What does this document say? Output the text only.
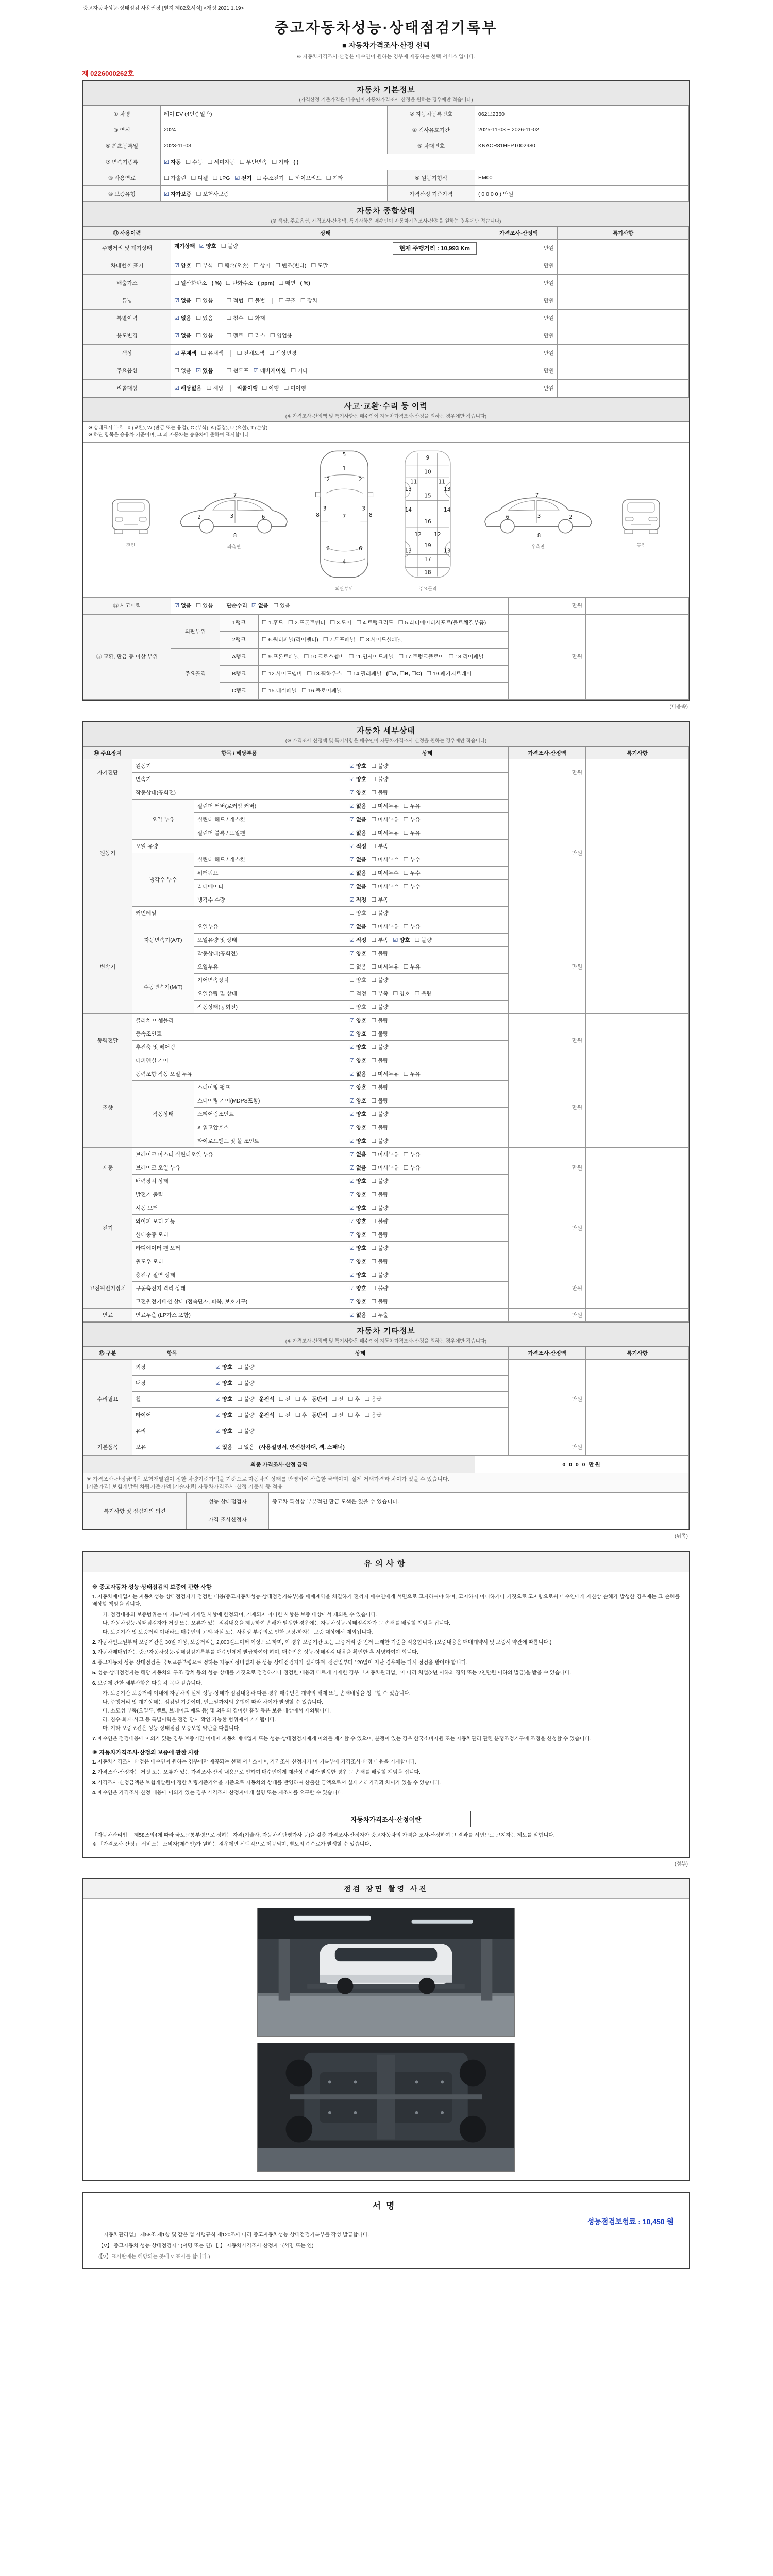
중고자동차성능·상태점검 사용권장 [별지 제82호서식] <개정 2021.1.19>
중고자동차성능·상태점검기록부
■ 자동차가격조사·산정 선택
※ 자동차가격조사·산정은 매수인이 원하는 경우에 제공하는 선택 서비스 입니다.
제 0226000262호
자동차 기본정보
(가격산정 기준가격은 매수인이 자동차가격조사·산정을 원하는 경우에만 적습니다)
① 차명	레이 EV (4인승일반)	② 자동차등록번호	062모2360
③ 연식	2024	④ 검사유효기간	2025-11-03 ~ 2026-11-02
⑤ 최초등록일	2023-11-03	⑥ 차대번호	KNACR81HFPT002980
⑦ 변속기종류	☑ 자동 ☐ 수동 ☐ 세미자동 ☐ 무단변속 ☐ 기타 ( )		
⑧ 사용연료	☐ 가솔린 ☐ 디젤 ☐ LPG ☑ 전기 ☐ 수소전기 ☐ 하이브리드 ☐ 기타	⑨ 원동기형식	EM00
⑩ 보증유형	☑ 자가보증 ☐ 보험사보증	가격산정 기준가격	( 0 0 0 0 ) 만원
자동차 종합상태
(※ 색상, 주요옵션, 가격조사·산정액, 특기사항은 매수인이 자동차가격조사·산정을 원하는 경우에만 적습니다)
⑪ 사용이력	상태	가격조사·산정액	특기사항
주행거리 및 계기상태	계기상태 ☑ 양호 ☐ 불량 현재 주행거리 : 10,993 Km	만원	
차대번호 표기	☑ 양호 ☐ 부식 ☐ 훼손(오손) ☐ 상이 ☐ 변조(변타) ☐ 도말	만원	
배출가스	☐ 일산화탄소 ( %) ☐ 탄화수소 ( ppm) ☐ 매연 ( %)	만원	
튜닝	☑ 없음 ☐ 있음 ☐ 적법 ☐ 불법 ☐ 구조 ☐ 장치	만원	
특별이력	☑ 없음 ☐ 있음 ☐ 침수 ☐ 화재	만원	
용도변경	☑ 없음 ☐ 있음 ☐ 렌트 ☐ 리스 ☐ 영업용	만원	
색상	☑ 무채색 ☐ 유채색 ☐ 전체도색 ☐ 색상변경	만원	
주요옵션	☐ 없음 ☑ 있음 ☐ 썬루프 ☑ 네비게이션 ☐ 기타	만원	
리콜대상	☑ 해당없음 ☐ 해당 리콜이행 ☐ 이행 ☐ 미이행	만원	
사고·교환·수리 등 이력
(※ 가격조사·산정액 및 특기사항은 매수인이 자동차가격조사·산정을 원하는 경우에만 적습니다)
※ 상태표시 부호 : X (교환), W (판금 또는 용접), C (부식), A (흠집), U (요철), T (손상)
※ 하단 항목은 승용차 기준이며, 그 외 자동차는 승용차에 준하여 표시합니다.
전면
7
2	3	6
8
좌측면
5
1
2	2
3	3
8	8
7
6	6
4
외판부위
9
10
11	11
13	13
15
14	14
16
12 12
19
13	13
17
18
주요골격
7
6	3	2
8
우측면	후면
⑫ 사고이력	☑ 없음 ☐ 있음 단순수리 ☑ 없음 ☐ 있음			만원	
⑬ 교환, 판금 등 이상 부위	외판부위	1랭크	☐ 1.후드 ☐ 2.프론트펜더 ☐ 3.도어 ☐ 4.트렁크리드 ☐ 5.라디에이터서포트(볼트체결부품)	만원	
		2랭크	☐ 6.쿼터패널(리어펜더) ☐ 7.루프패널 ☐ 8.사이드실패널		
	주요골격	A랭크	☐ 9.프론트패널 ☐ 10.크로스멤버 ☐ 11.인사이드패널 ☐ 17.트렁크플로어 ☐ 18.리어패널		
		B랭크	☐ 12.사이드멤버 ☐ 13.휠하우스 ☐ 14.필러패널 (☐A, ☐B, ☐C) ☐ 19.패키지트레이		
		C랭크	☐ 15.대쉬패널 ☐ 16.플로어패널		
(다음쪽)
자동차 세부상태
(※ 가격조사·산정액 및 특기사항은 매수인이 자동차가격조사·산정을 원하는 경우에만 적습니다)
⑭ 주요장치	항목 / 해당부품		상태	가격조사·산정액	특기사항
자기진단	원동기		☑ 양호 ☐ 불량	만원	
	변속기		☑ 양호 ☐ 불량		
원동기	작동상태(공회전)		☑ 양호 ☐ 불량	만원	
	오일 누유	실린더 커버(로커암 커버)	☑ 없음 ☐ 미세누유 ☐ 누유		
		실린더 헤드 / 개스킷	☑ 없음 ☐ 미세누유 ☐ 누유		
		실린더 블록 / 오일팬	☑ 없음 ☐ 미세누유 ☐ 누유		
	오일 유량		☑ 적정 ☐ 부족		
	냉각수 누수	실린더 헤드 / 개스킷	☑ 없음 ☐ 미세누수 ☐ 누수		
		워터펌프	☑ 없음 ☐ 미세누수 ☐ 누수		
		라디에이터	☑ 없음 ☐ 미세누수 ☐ 누수		
		냉각수 수량	☑ 적정 ☐ 부족		
	커먼레일		☐ 양호 ☐ 불량		
변속기	자동변속기(A/T)	오일누유	☑ 없음 ☐ 미세누유 ☐ 누유	만원	
		오일유량 및 상태	☑ 적정 ☐ 부족 ☑ 양호 ☐ 불량		
		작동상태(공회전)	☑ 양호 ☐ 불량		
	수동변속기(M/T)	오일누유	☐ 없음 ☐ 미세누유 ☐ 누유		
		기어변속장치	☐ 양호 ☐ 불량		
		오일유량 및 상태	☐ 적정 ☐ 부족 ☐ 양호 ☐ 불량		
		작동상태(공회전)	☐ 양호 ☐ 불량		
동력전달	클러치 어셈블리		☑ 양호 ☐ 불량	만원	
	등속조인트		☑ 양호 ☐ 불량		
	추진축 및 베어링		☑ 양호 ☐ 불량		
	디퍼렌셜 기어		☑ 양호 ☐ 불량		
조향	동력조향 작동 오일 누유		☑ 없음 ☐ 미세누유 ☐ 누유	만원	
	작동상태	스티어링 펌프	☑ 양호 ☐ 불량		
		스티어링 기어(MDPS포함)	☑ 양호 ☐ 불량		
		스티어링조인트	☑ 양호 ☐ 불량		
		파워고압호스	☑ 양호 ☐ 불량		
		타이로드엔드 및 볼 조인트	☑ 양호 ☐ 불량		
제동	브레이크 마스터 실린더오일 누유		☑ 없음 ☐ 미세누유 ☐ 누유	만원	
	브레이크 오일 누유		☑ 없음 ☐ 미세누유 ☐ 누유		
	배력장치 상태		☑ 양호 ☐ 불량		
전기	발전기 출력		☑ 양호 ☐ 불량	만원	
	시동 모터		☑ 양호 ☐ 불량		
	와이퍼 모터 기능		☑ 양호 ☐ 불량		
	실내송풍 모터		☑ 양호 ☐ 불량		
	라디에이터 팬 모터		☑ 양호 ☐ 불량		
	윈도우 모터		☑ 양호 ☐ 불량		
고전원전기장치	충전구 절연 상태		☑ 양호 ☐ 불량	만원	
	구동축전지 격리 상태		☑ 양호 ☐ 불량		
	고전원전기배선 상태 (접속단자, 피복, 보호기구)		☑ 양호 ☐ 불량		
연료	연료누출 (LP가스 포함)		☑ 없음 ☐ 누출	만원	
자동차 기타정보
(※ 가격조사·산정액 및 특기사항은 매수인이 자동차가격조사·산정을 원하는 경우에만 적습니다)
⑮ 구분	항목	상태	가격조사·산정액	특기사항
수리필요	외장	☑ 양호 ☐ 불량	만원	
	내장	☑ 양호 ☐ 불량		
	휠	☑ 양호 ☐ 불량 운전석 ☐ 전 ☐ 후 동반석 ☐ 전 ☐ 후 ☐ 응급		
	타이어	☑ 양호 ☐ 불량 운전석 ☐ 전 ☐ 후 동반석 ☐ 전 ☐ 후 ☐ 응급		
	유리	☑ 양호 ☐ 불량		
기본품목	보유	☑ 있음 ☐ 없음 (사용설명서, 안전삼각대, 잭, 스패너)	만원	
최종 가격조사·산정 금액	0 0 0 0 만원
※ 가격조사·산정금액은 보험개발원이 정한 차량기준가액을 기준으로 자동차의 상태를 반영하여 산출한 금액이며, 실제 거래가격과 차이가 있을 수 있습니다.
[기준가격] 보험개발원 차량기준가액 [기술자료] 자동차가격조사·산정 기준서 등 적용
특기사항 및 점검자의 의견	성능·상태점검자	중고차 특성상 부분적인 판금 도색은 있을 수 있습니다.
	가격·조사산정자	
(뒤쪽)
유의사항
※ 중고자동차 성능·상태점검의 보증에 관한 사항
1. 자동차매매업자는 자동차성능·상태점검자가 점검한 내용(중고자동차성능·상태점검기록부)을 매매계약을 체결하기 전까지 매수인에게 서면으로 고지하여야 하며, 고지하지 아니하거나 거짓으로 고지함으로써 매수인에게 재산상 손해가 발생한 경우에는 그 손해를 배상할 책임을 집니다.
가. 점검내용의 보증범위는 이 기록부에 기재된 사항에 한정되며, 기재되지 아니한 사항은 보증 대상에서 제외될 수 있습니다.
나. 자동차성능·상태점검자가 거짓 또는 오류가 있는 점검내용을 제공하여 손해가 발생한 경우에는 자동차성능·상태점검자가 그 손해를 배상할 책임을 집니다.
다. 보증기간 및 보증거리 이내라도 매수인의 고의·과실 또는 사용상 부주의로 인한 고장·하자는 보증 대상에서 제외됩니다.
2. 자동차인도일부터 보증기간은 30일 이상, 보증거리는 2,000킬로미터 이상으로 하며, 이 경우 보증기간 또는 보증거리 중 먼저 도래한 기준을 적용합니다. (보증내용은 매매계약서 및 보증서 약관에 따릅니다.)
3. 자동차매매업자는 중고자동차성능·상태점검기록부를 매수인에게 발급하여야 하며, 매수인은 성능·상태점검 내용을 확인한 후 서명하여야 합니다.
4. 중고자동차 성능·상태점검은 국토교통부령으로 정하는 자동차정비업자 등 성능·상태점검자가 실시하며, 점검일부터 120일이 지난 경우에는 다시 점검을 받아야 합니다.
5. 성능·상태점검자는 해당 자동차의 구조·장치 등의 성능·상태를 거짓으로 점검하거나 점검한 내용과 다르게 기재한 경우 「자동차관리법」에 따라 처벌(2년 이하의 징역 또는 2천만원 이하의 벌금)을 받을 수 있습니다.
6. 보증에 관한 세부사항은 다음 각 목과 같습니다.
가. 보증기간·보증거리 이내에 자동차의 실제 성능·상태가 점검내용과 다른 경우 매수인은 계약의 해제 또는 손해배상을 청구할 수 있습니다.
나. 주행거리 및 계기상태는 점검일 기준이며, 인도일까지의 운행에 따라 차이가 발생할 수 있습니다.
다. 소모성 부품(오일류, 벨트, 브레이크 패드 등) 및 외관의 경미한 흠집 등은 보증 대상에서 제외됩니다.
라. 침수·화재·사고 등 특별이력은 점검 당시 확인 가능한 범위에서 기재됩니다.
마. 기타 보증조건은 성능·상태점검 보증보험 약관을 따릅니다.
7. 매수인은 점검내용에 이의가 있는 경우 보증기간 이내에 자동차매매업자 또는 성능·상태점검자에게 이의를 제기할 수 있으며, 분쟁이 있는 경우 한국소비자원 또는 자동차관리 관련 분쟁조정기구에 조정을 신청할 수 있습니다.
※ 자동차가격조사·산정의 보증에 관한 사항
1. 자동차가격조사·산정은 매수인이 원하는 경우에만 제공되는 선택 서비스이며, 가격조사·산정자가 이 기록부에 가격조사·산정 내용을 기재합니다.
2. 가격조사·산정자는 거짓 또는 오류가 있는 가격조사·산정 내용으로 인하여 매수인에게 재산상 손해가 발생한 경우 그 손해를 배상할 책임을 집니다.
3. 가격조사·산정금액은 보험개발원이 정한 차량기준가액을 기준으로 자동차의 상태를 반영하여 산출한 금액으로서 실제 거래가격과 차이가 있을 수 있습니다.
4. 매수인은 가격조사·산정 내용에 이의가 있는 경우 가격조사·산정자에게 설명 또는 재조사를 요구할 수 있습니다.
자동차가격조사·산정이란
「자동차관리법」 제58조의4에 따라 국토교통부령으로 정하는 자격(기술사, 자동차진단평가사 등)을 갖춘 가격조사·산정자가 중고자동차의 가격을 조사·산정하여 그 결과를 서면으로 고지하는 제도를 말합니다.
※ 「가격조사·산정」 서비스는 소비자(매수인)가 원하는 경우에만 선택적으로 제공되며, 별도의 수수료가 발생할 수 있습니다.
(첨부)
점검 장면 촬영 사진
서명
성능점검보험료 : 10,450 원
「자동차관리법」 제58조 제1항 및 같은 법 시행규칙 제120조에 따라 중고자동차성능·상태점검기록부를 작성·발급합니다.
【V】 중고자동차 성능·상태점검자 : (서명 또는 인) 【 】 자동차가격조사·산정자 : (서명 또는 인)
(【V】표시란에는 해당되는 곳에 ∨ 표시를 합니다.)
